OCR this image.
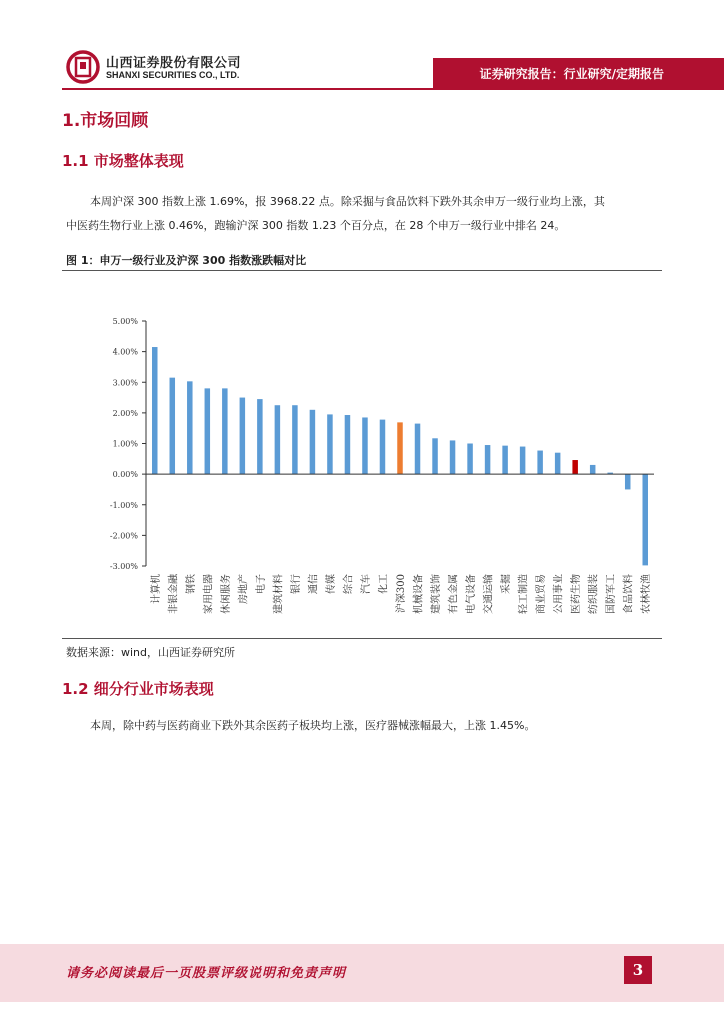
山西证券股份有限公司
SHANXI SECURITIES CO., LTD.	证券研究报告：行业研究/定期报告
1.市场回顾
1.1 市场整体表现
本周沪深 300 指数上涨 1.69%，报 3968.22 点。除采掘与食品饮料下跌外其余申万一级行业均上涨，其
中医药生物行业上涨 0.46%，跑输沪深 300 指数 1.23 个百分点，在 28 个申万一级行业中排名 24。
图 1：申万一级行业及沪深 300 指数涨跌幅对比
5.00%
4.00%
3.00%
2.00%
1.00%
0.00%
-1.00%
-2.00%
-3.00%
计算机 非银金融 钢铁 家用电器 休闲服务 房地产 电子 建筑材料 银行 通信 传媒 综合 汽车 化工 沪深300 机械设备 建筑装饰 有色金属 电气设备 交通运输 采掘 轻工制造 商业贸易 公用事业 医药生物 纺织服装 国防军工 食品饮料 农林牧渔
数据来源：wind，山西证券研究所
1.2 细分行业市场表现
本周，除中药与医药商业下跌外其余医药子板块均上涨，医疗器械涨幅最大，上涨 1.45%。
请务必阅读最后一页股票评级说明和免责声明	3
